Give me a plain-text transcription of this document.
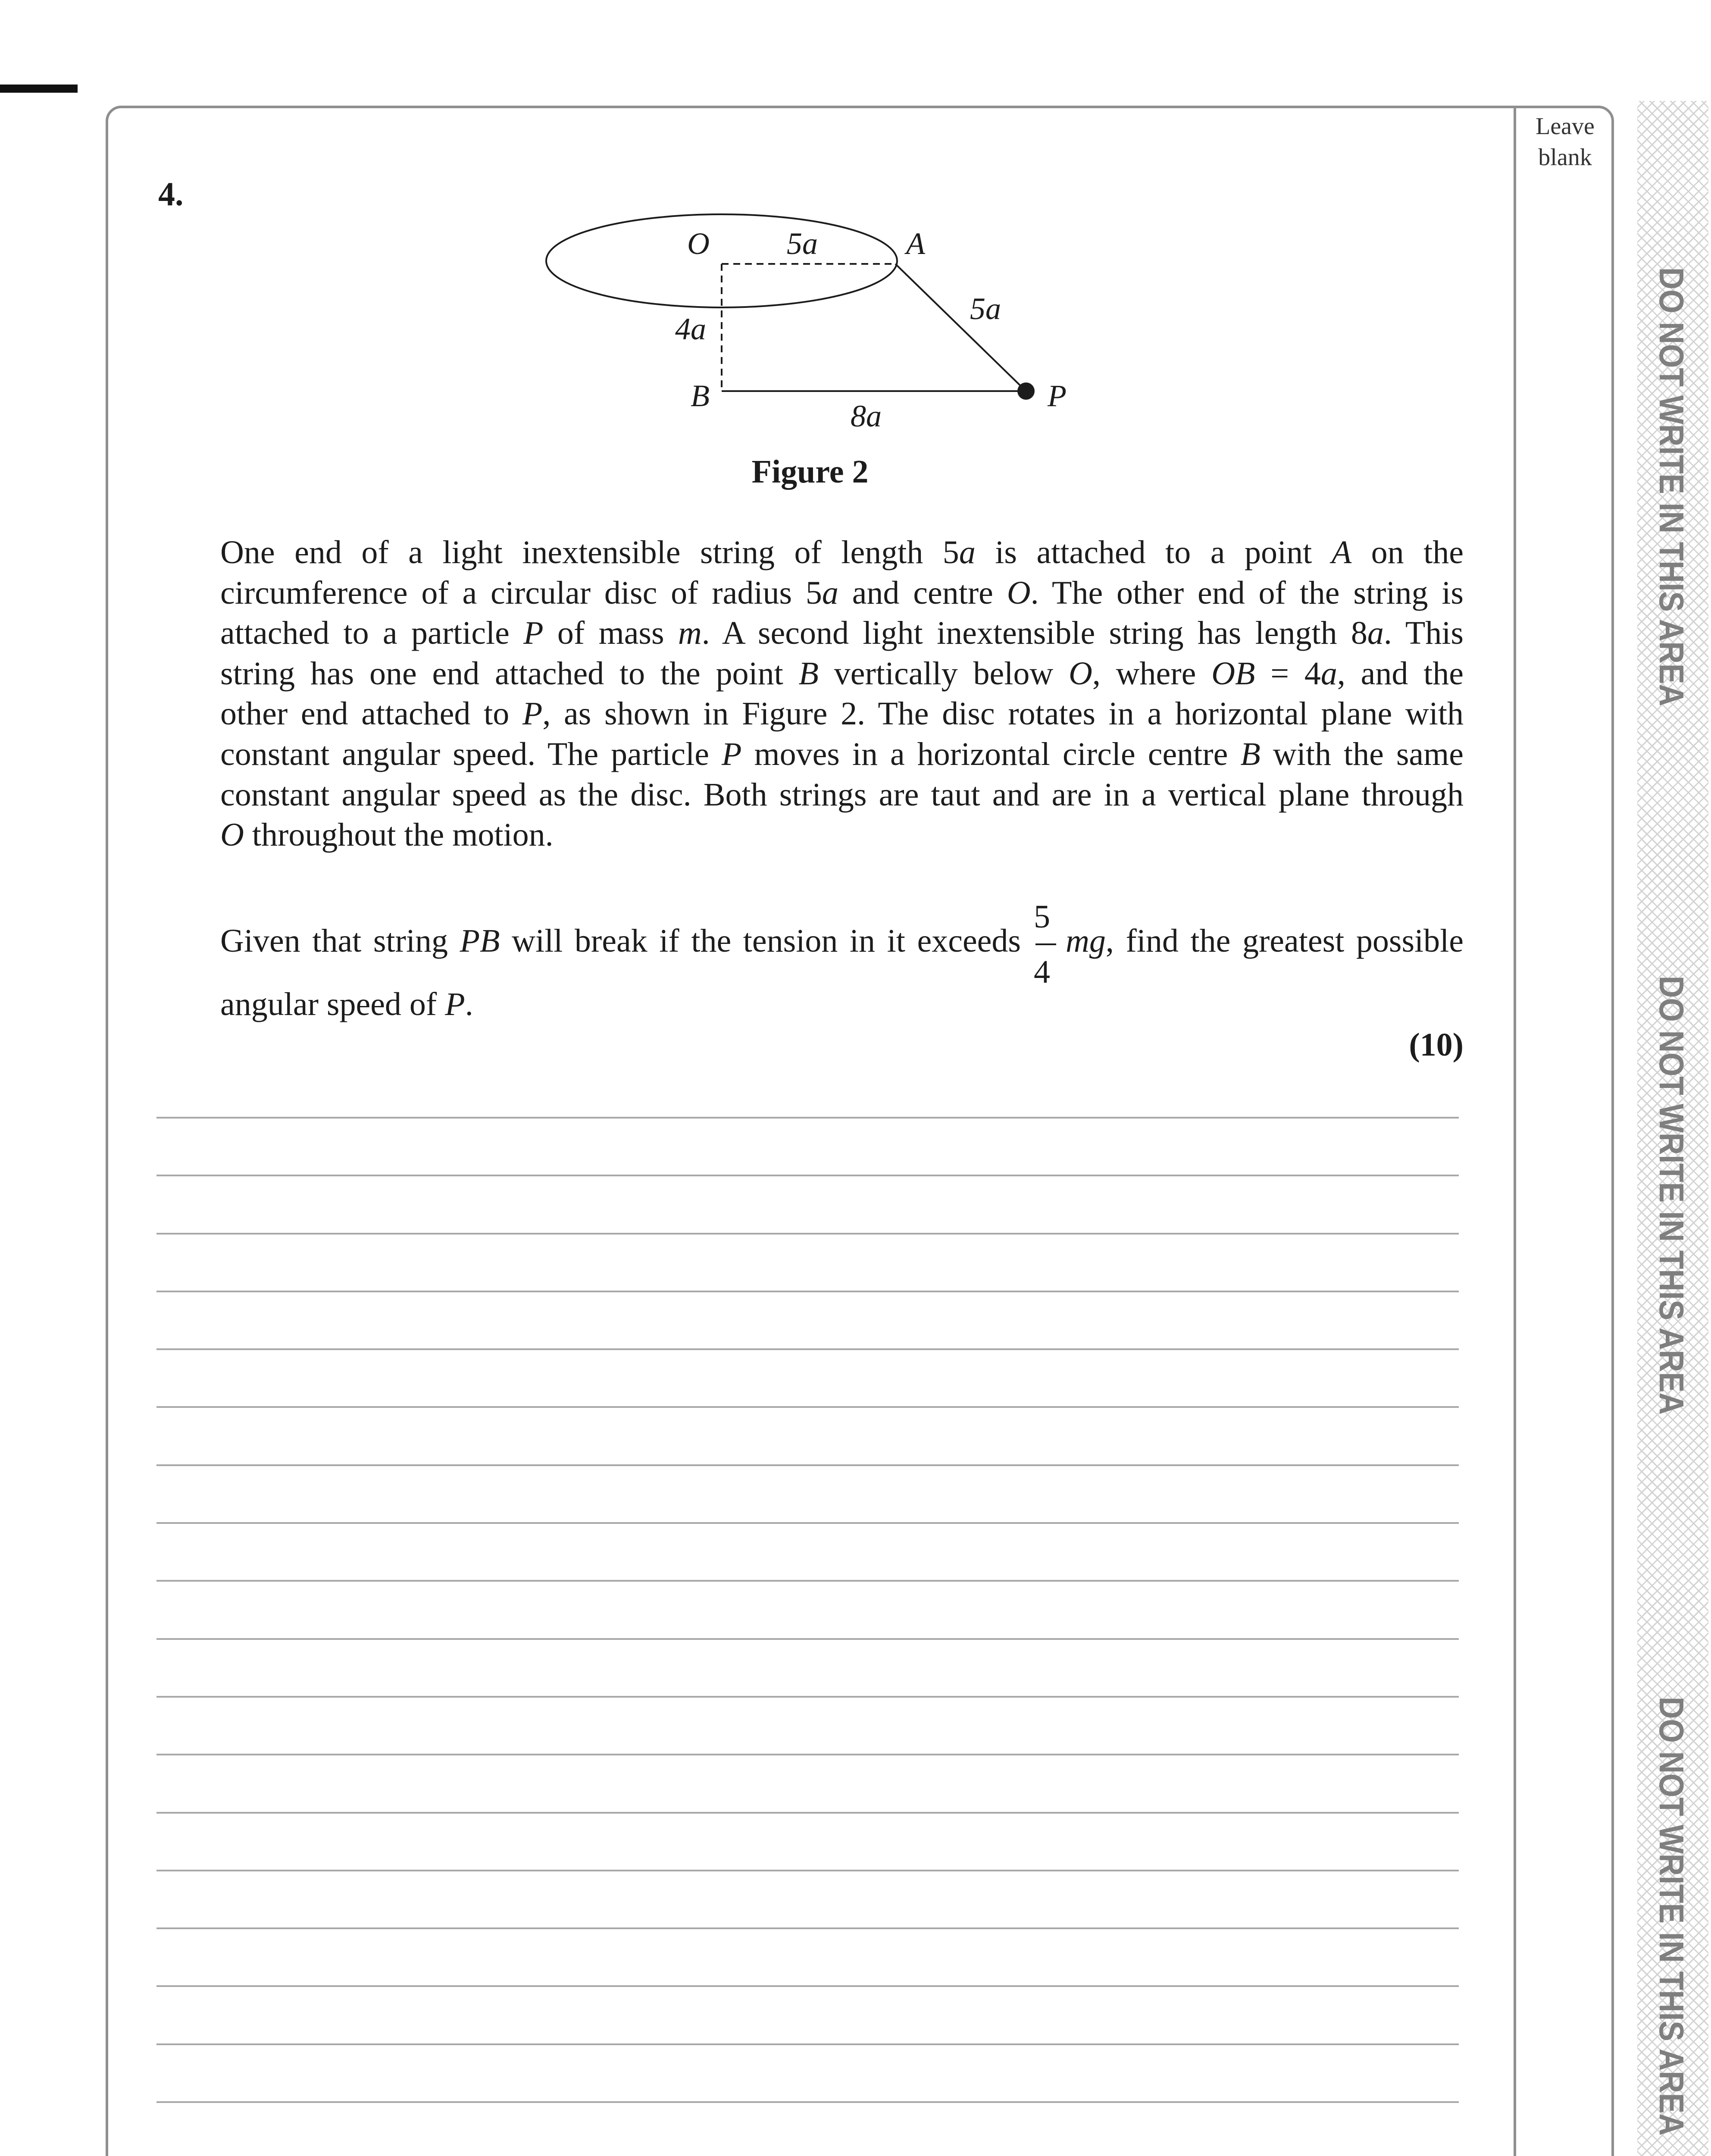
Leave blank
DO NOT WRITE IN THIS AREA
DO NOT WRITE IN THIS AREA
DO NOT WRITE IN THIS AREA
4.
O 5a	A
5a
4a
B
8a
P
Figure 2
One end of a light inextensible string of length 5a is attached to a point A on the
circumference of a circular disc of radius 5a and centre O. The other end of the string is
attached to a particle P of mass m. A second light inextensible string has length 8a. This
string has one end attached to the point B vertically below O, where OB = 4a, and the
other end attached to P, as shown in Figure 2. The disc rotates in a horizontal plane with
constant angular speed. The particle P moves in a horizontal circle centre B with the same
constant angular speed as the disc. Both strings are taut and are in a vertical plane through
O throughout the motion.
Given that string PB will break if the tension in it exceeds
$\frac{5}{4}$
mg, find the greatest possible
angular speed of P.
(10)
